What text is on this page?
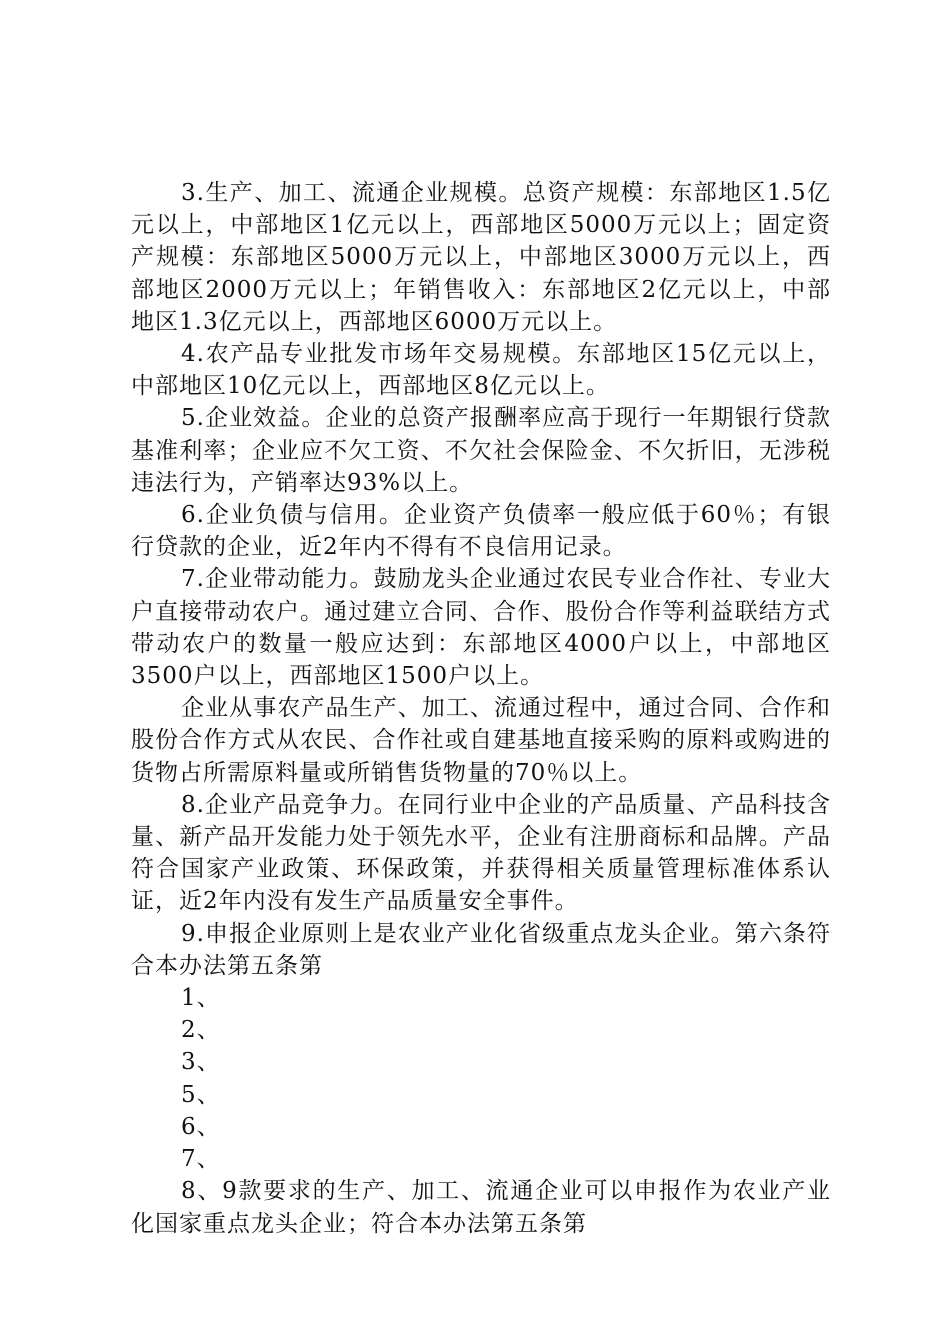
3.生产、加工、流通企业规模。总资产规模：东部地区1.5亿元以上，中部地区1亿元以上，西部地区5000万元以上；固定资产规模：东部地区5000万元以上，中部地区3000万元以上，西部地区2000万元以上；年销售收入：东部地区2亿元以上，中部地区1.3亿元以上，西部地区6000万元以上。

4.农产品专业批发市场年交易规模。东部地区15亿元以上，中部地区10亿元以上，西部地区8亿元以上。

5.企业效益。企业的总资产报酬率应高于现行一年期银行贷款基准利率；企业应不欠工资、不欠社会保险金、不欠折旧，无涉税违法行为，产销率达93%以上。

6.企业负债与信用。企业资产负债率一般应低于60％；有银行贷款的企业，近2年内不得有不良信用记录。

7.企业带动能力。鼓励龙头企业通过农民专业合作社、专业大户直接带动农户。通过建立合同、合作、股份合作等利益联结方式带动农户的数量一般应达到：东部地区4000户以上，中部地区3500户以上，西部地区1500户以上。

企业从事农产品生产、加工、流通过程中，通过合同、合作和股份合作方式从农民、合作社或自建基地直接采购的原料或购进的货物占所需原料量或所销售货物量的70％以上。

8.企业产品竞争力。在同行业中企业的产品质量、产品科技含量、新产品开发能力处于领先水平，企业有注册商标和品牌。产品符合国家产业政策、环保政策，并获得相关质量管理标准体系认证，近2年内没有发生产品质量安全事件。

9.申报企业原则上是农业产业化省级重点龙头企业。第六条符合本办法第五条第

1、

2、

3、

5、

6、

7、

8、9款要求的生产、加工、流通企业可以申报作为农业产业化国家重点龙头企业；符合本办法第五条第
